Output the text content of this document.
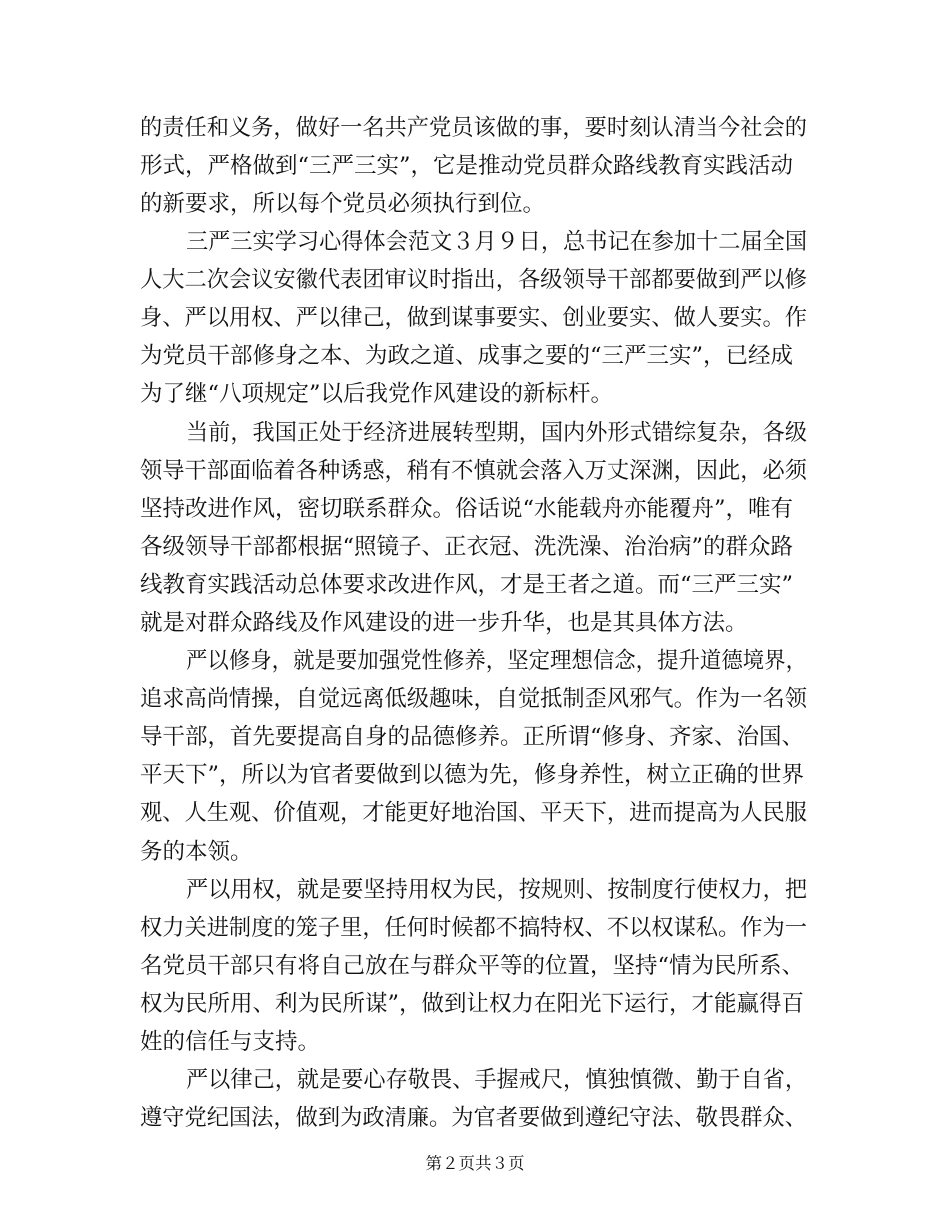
的责任和义务，做好一名共产党员该做的事，要时刻认清当今社会的
形式，严格做到“三严三实”，它是推动党员群众路线教育实践活动
的新要求，所以每个党员必须执行到位。
三严三实学习心得体会范文３月９日，总书记在参加十二届全国
人大二次会议安徽代表团审议时指出，各级领导干部都要做到严以修
身、严以用权、严以律己，做到谋事要实、创业要实、做人要实。作
为党员干部修身之本、为政之道、成事之要的“三严三实”，已经成
为了继“八项规定”以后我党作风建设的新标杆。
当前，我国正处于经济进展转型期，国内外形式错综复杂，各级
领导干部面临着各种诱惑，稍有不慎就会落入万丈深渊，因此，必须
坚持改进作风，密切联系群众。俗话说“水能载舟亦能覆舟”，唯有
各级领导干部都根据“照镜子、正衣冠、洗洗澡、治治病”的群众路
线教育实践活动总体要求改进作风，才是王者之道。而“三严三实”
就是对群众路线及作风建设的进一步升华，也是其具体方法。
严以修身，就是要加强党性修养，坚定理想信念，提升道德境界，
追求高尚情操，自觉远离低级趣味，自觉抵制歪风邪气。作为一名领
导干部，首先要提高自身的品德修养。正所谓“修身、齐家、治国、
平天下”，所以为官者要做到以德为先，修身养性，树立正确的世界
观、人生观、价值观，才能更好地治国、平天下，进而提高为人民服
务的本领。
严以用权，就是要坚持用权为民，按规则、按制度行使权力，把
权力关进制度的笼子里，任何时候都不搞特权、不以权谋私。作为一
名党员干部只有将自己放在与群众平等的位置，坚持“情为民所系、
权为民所用、利为民所谋”，做到让权力在阳光下运行，才能赢得百
姓的信任与支持。
严以律己，就是要心存敬畏、手握戒尺，慎独慎微、勤于自省，
遵守党纪国法，做到为政清廉。为官者要做到遵纪守法、敬畏群众、
第２页共３页
